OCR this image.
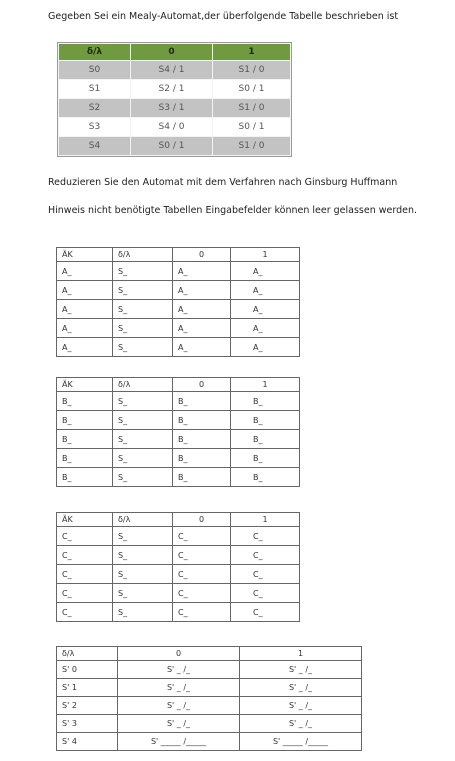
Gegeben Sei ein Mealy-Automat,der überfolgende Tabelle beschrieben ist
δ/λ	0	1
S0	S4 / 1	S1 / 0
S1	S2 / 1	S0 / 1
S2	S3 / 1	S1 / 0
S3	S4 / 0	S0 / 1
S4	S0 / 1	S1 / 0
Reduzieren Sie den Automat mit dem Verfahren nach Ginsburg Huffmann
Hinweis nicht benötigte Tabellen Eingabefelder können leer gelassen werden.
ÄK	δ/λ	0	1
A_	S_	A_	A_
A_	S_	A_	A_
A_	S_	A_	A_
A_	S_	A_	A_
A_	S_	A_	A_
ÄK	δ/λ	0	1
B_	S_	B_	B_
B_	S_	B_	B_
B_	S_	B_	B_
B_	S_	B_	B_
B_	S_	B_	B_
ÄK	δ/λ	0	1
C_	S_	C_	C_
C_	S_	C_	C_
C_	S_	C_	C_
C_	S_	C_	C_
C_	S_	C_	C_
δ/λ	0	1
S' 0	S' _ /_	S' _ /_
S' 1	S' _ /_	S' _ /_
S' 2	S' _ /_	S' _ /_
S' 3	S' _ /_	S' _ /_
S' 4	S' _____ /_____	S' _____ /_____
